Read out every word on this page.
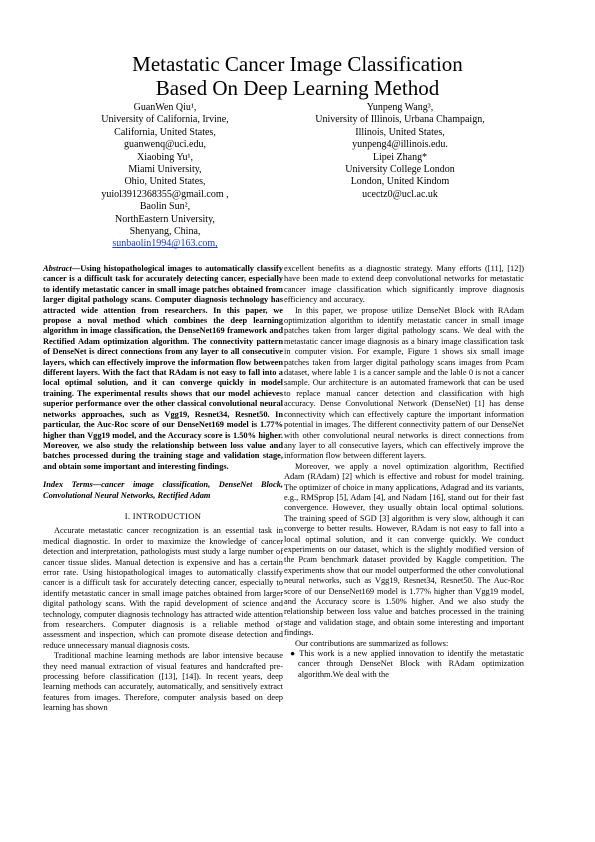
Metastatic Cancer Image Classification
Based On Deep Learning Method
GuanWen Qiu¹,
University of California, Irvine,
California, United States,
guanwenq@uci.edu,
Xiaobing Yu¹,
Miami University,
Ohio, United States,
yuiol3912368355@gmail.com ,
Baolin Sun²,
NorthEastern University,
Shenyang, China,
sunbaolin1994@163.com,
Yunpeng Wang³,
University of Illinois, Urbana Champaign,
Illinois, United States,
yunpeng4@illinois.edu.
Lipei Zhang*
University College London
London, United Kindom
ucectz0@ucl.ac.uk

Abstract—Using histopathological images to automatically classify cancer is a difficult task for accurately detecting cancer, especially to identify metastatic cancer in small image patches obtained from larger digital pathology scans. Computer diagnosis technology has attracted wide attention from researchers. In this paper, we propose a noval method which combines the deep learning algorithm in image classification, the DenseNet169 framework and Rectified Adam optimization algorithm. The connectivity pattern of DenseNet is direct connections from any layer to all consecutive layers, which can effectively improve the information flow between different layers. With the fact that RAdam is not easy to fall into a local optimal solution, and it can converge quickly in model training. The experimental results shows that our model achieves superior performance over the other classical convolutional neural networks approaches, such as Vgg19, Resnet34, Resnet50. In particular, the Auc-Roc score of our DenseNet169 model is 1.77% higher than Vgg19 model, and the Accuracy score is 1.50% higher. Moreover, we also study the relationship between loss value and batches processed during the training stage and validation stage, and obtain some important and interesting findings.

Index Terms—cancer image classification, DenseNet Block, Convolutional Neural Networks, Rectified Adam

I. INTRODUCTION

Accurate metastatic cancer recognization is an essential task in medical diagnostic. In order to maximize the knowledge of cancer detection and interpretation, pathologists must study a large number of cancer tissue slides. Manual detection is expensive and has a certain error rate. Using histopathological images to automatically classify cancer is a difficult task for accurately detecting cancer, especially to identify metastatic cancer in small image patches obtained from larger digital pathology scans. With the rapid development of science and technology, computer diagnosis technology has attracted wide attention from researchers. Computer diagnosis is a reliable method of assessment and inspection, which can promote disease detection and reduce unnecessary manual diagnosis costs.

Traditional machine learning methods are labor intensive because they need manual extraction of visual features and handcrafted pre-processing before classification ([13], [14]). In recent years, deep learning methods can accurately, automatically, and sensitively extract features from images. Therefore, computer analysis based on deep learning has shown

excellent benefits as a diagnostic strategy. Many efforts ([11], [12]) have been made to extend deep convolutional networks for metastatic cancer image classification which significantly improve diagnosis efficiency and accuracy.

In this paper, we propose utilize DenseNet Block with RAdam optimization algorithm to identify metastatic cancer in small image patches taken from larger digital pathology scans. We deal with the metastatic cancer image diagnosis as a binary image classification task in computer vision. For example, Figure 1 shows six small image patches taken from larger digital pathology scans images from Pcam dataset, where lable 1 is a cancer sample and the lable 0 is not a cancer sample. Our architecture is an automated framework that can be used to replace manual cancer detection and classification with high accuracy. Dense Convolutional Network (DenseNet) [1] has dense connectivity which can effectively capture the important information potential in images. The different connectivity pattern of our DenseNet with other convolutional neural networks is direct connections from any layer to all consecutive layers, which can effectively improve the information flow between different layers.

Moreover, we apply a novel optimization algorithm, Rectified Adam (RAdam) [2] which is effective and robust for model training. The optimizer of choice in many applications, Adagrad and its variants, e.g., RMSprop [5], Adam [4], and Nadam [16], stand out for their fast convergence. However, they usually obtain local optimal solutions. The training speed of SGD [3] algorithm is very slow, although it can converge to better results. However, RAdam is not easy to fall into a local optimal solution, and it can converge quickly. We conduct experiments on our dataset, which is the slightly modified version of the Pcam benchmark dataset provided by Kaggle competition. The experiments show that our model outperformed the other convolutional neural networks, such as Vgg19, Resnet34, Resnet50. The Auc-Roc score of our DenseNet169 model is 1.77% higher than Vgg19 model, and the Accuracy score is 1.50% higher. And we also study the relationship between loss value and batches processed in the training stage and validation stage, and obtain some interesting and important findings.

Our contributions are summarized as follows:

● This work is a new applied innovation to identify the metastatic cancer through DenseNet Block with RAdam optimization algorithm.We deal with the
